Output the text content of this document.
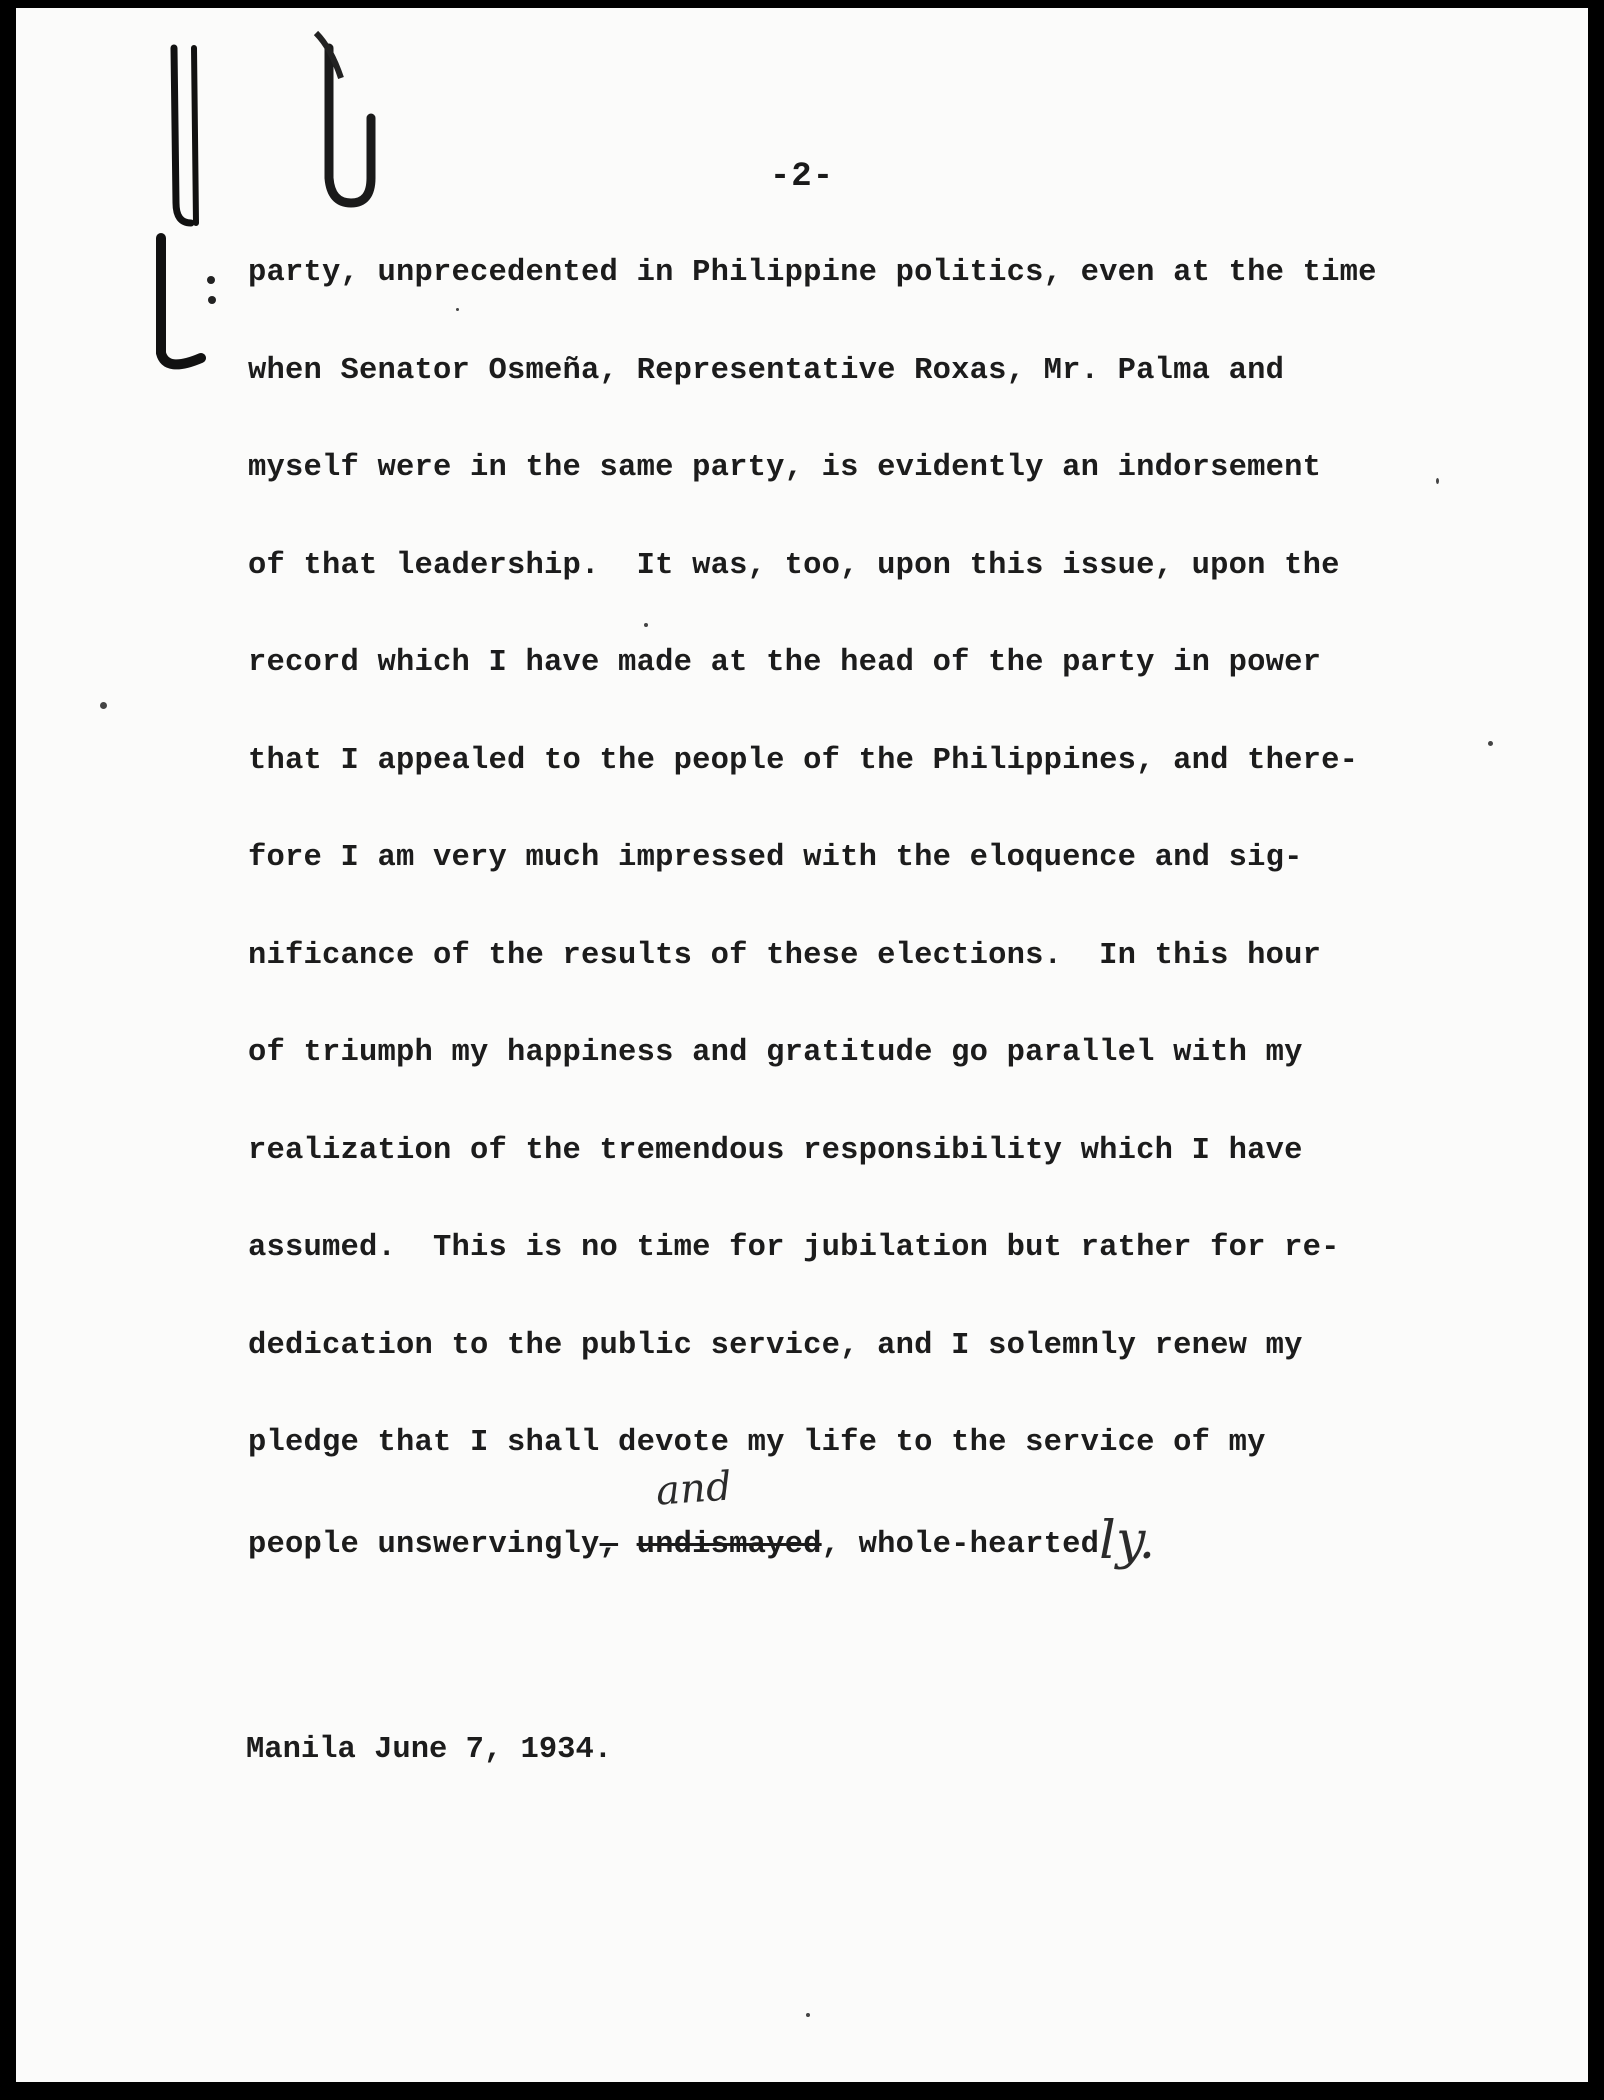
-2-
party, unprecedented in Philippine politics, even at the time
when Senator Osmeña, Representative Roxas, Mr. Palma and
myself were in the same party, is evidently an indorsement
of that leadership.  It was, too, upon this issue, upon the
record which I have made at the head of the party in power
that I appealed to the people of the Philippines, and there-
fore I am very much impressed with the eloquence and sig-
nificance of the results of these elections.  In this hour
of triumph my happiness and gratitude go parallel with my
realization of the tremendous responsibility which I have
assumed.  This is no time for jubilation but rather for re-
dedication to the public service, and I solemnly renew my
pledge that I shall devote my life to the service of my
people unswervingly, undismayed, whole-heartedly.
and
Manila June 7, 1934.
